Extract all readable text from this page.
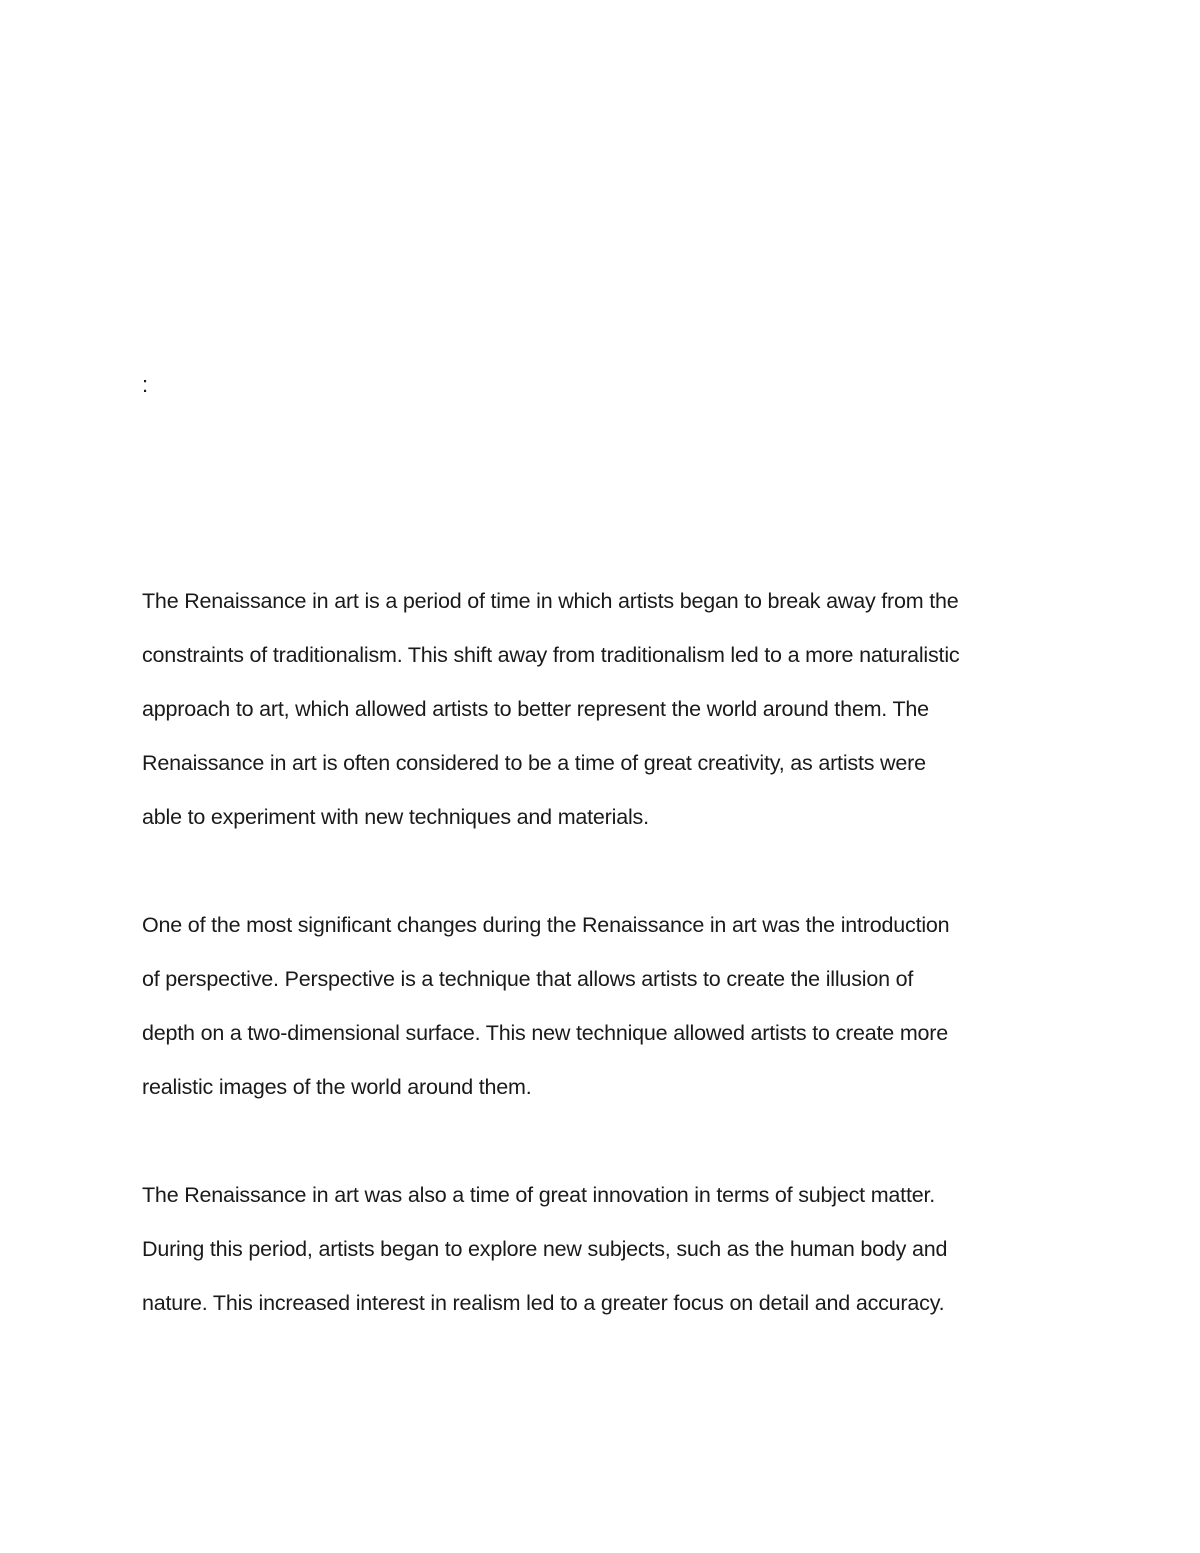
:

The Renaissance in art is a period of time in which artists began to break away from the
constraints of traditionalism. This shift away from traditionalism led to a more naturalistic
approach to art, which allowed artists to better represent the world around them. The
Renaissance in art is often considered to be a time of great creativity, as artists were
able to experiment with new techniques and materials.

One of the most significant changes during the Renaissance in art was the introduction
of perspective. Perspective is a technique that allows artists to create the illusion of
depth on a two-dimensional surface. This new technique allowed artists to create more
realistic images of the world around them.

The Renaissance in art was also a time of great innovation in terms of subject matter.
During this period, artists began to explore new subjects, such as the human body and
nature. This increased interest in realism led to a greater focus on detail and accuracy.
